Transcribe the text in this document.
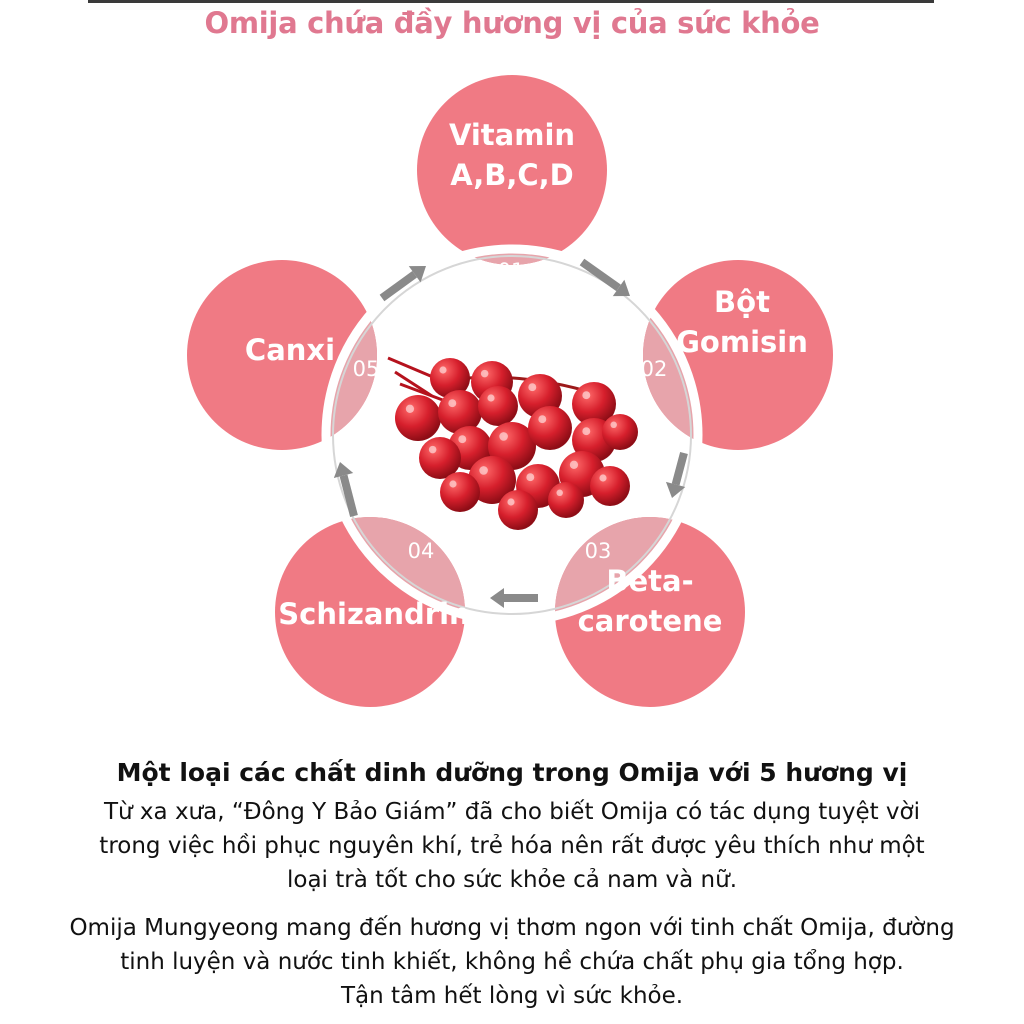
Omija chứa đầy hương vị của sức khỏe
01
02
03
04
05
Vitamin
A,B,C,D
Bột
Gomisin
Beta-
carotene
Schizandrin
Canxi
Một loại các chất dinh dưỡng trong Omija với 5 hương vị
Từ xa xưa, “Đông Y Bảo Giám” đã cho biết Omija có tác dụng tuyệt vời
trong việc hồi phục nguyên khí, trẻ hóa nên rất được yêu thích như một
loại trà tốt cho sức khỏe cả nam và nữ.
Omija Mungyeong mang đến hương vị thơm ngon với tinh chất Omija, đường
tinh luyện và nước tinh khiết, không hề chứa chất phụ gia tổng hợp.
Tận tâm hết lòng vì sức khỏe.
